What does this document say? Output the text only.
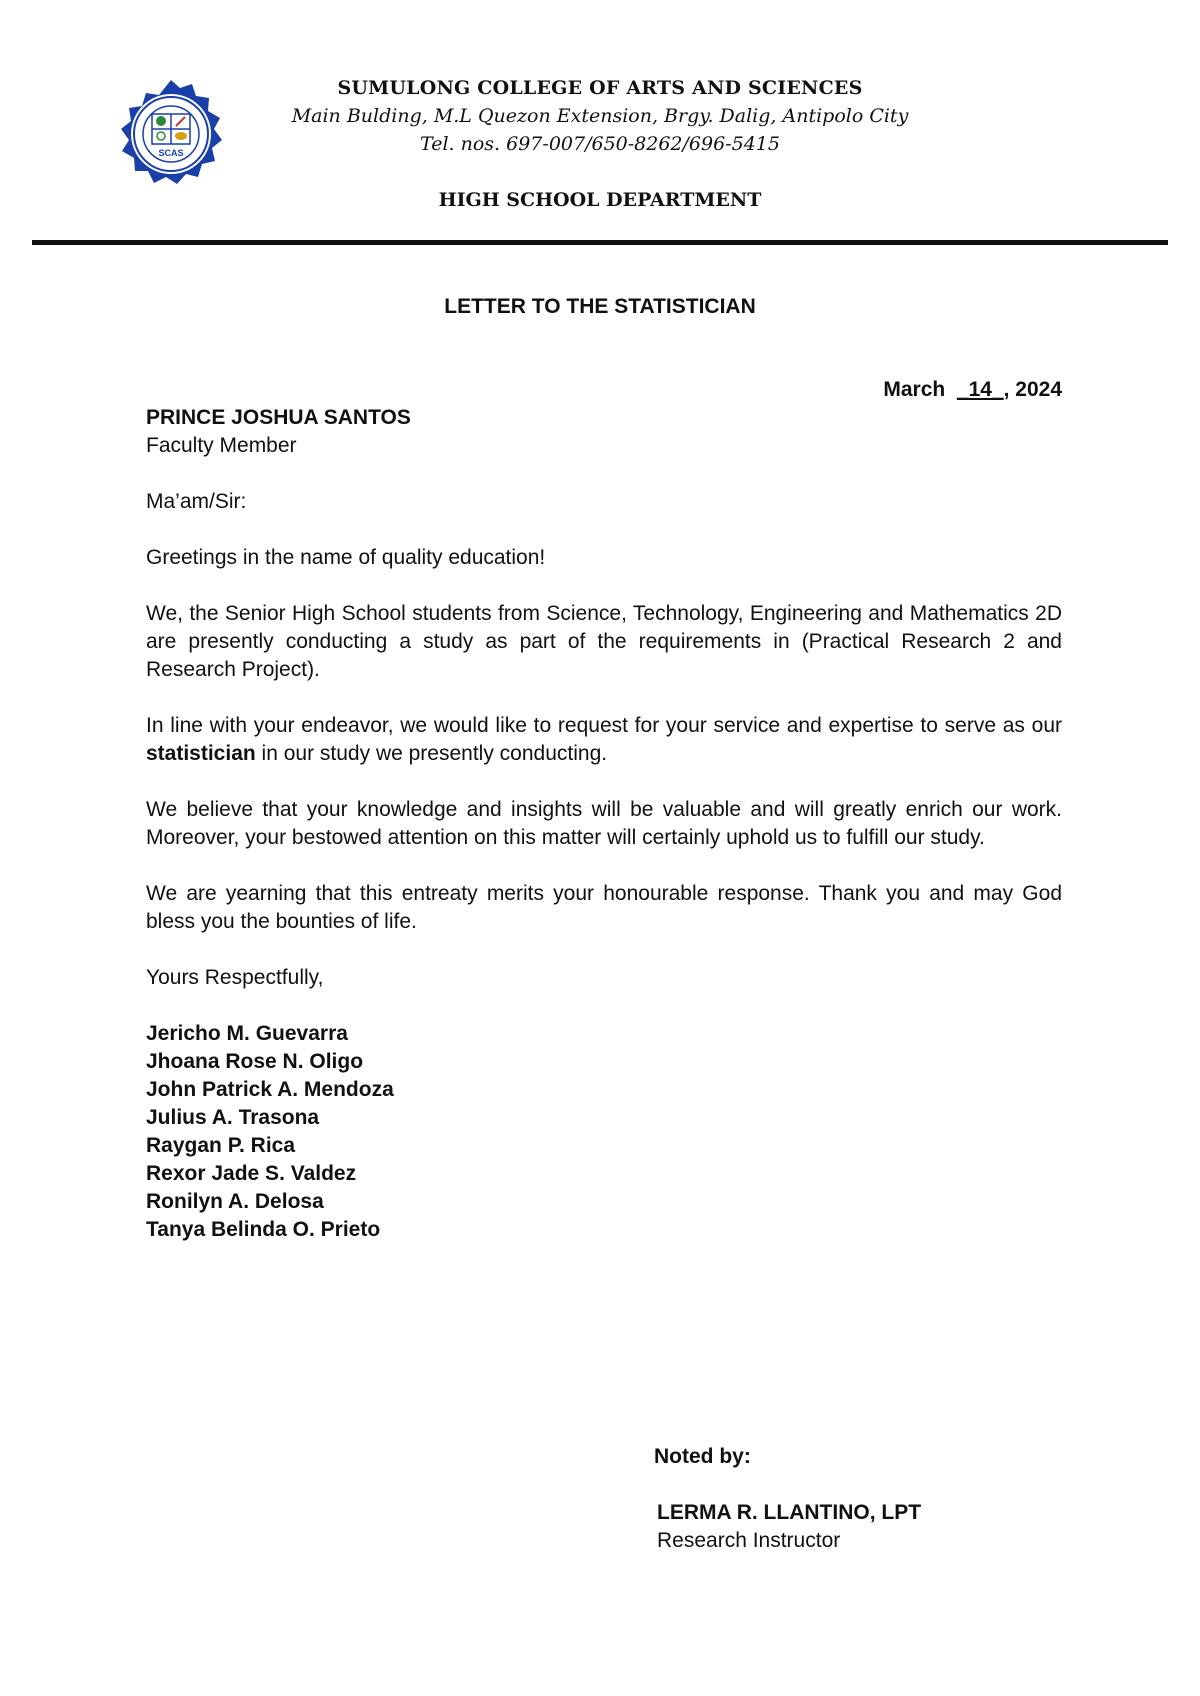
SCAS
SUMULONG COLLEGE OF ARTS AND SCIENCES
Main Bulding, M.L Quezon Extension, Brgy. Dalig, Antipolo City
Tel. nos. 697-007/650-8262/696-5415
HIGH SCHOOL DEPARTMENT
LETTER TO THE STATISTICIAN
March _14_, 2024

PRINCE JOSHUA SANTOS

Faculty Member

Ma’am/Sir:

Greetings in the name of quality education!

We, the Senior High School students from Science, Technology, Engineering and Mathematics 2D are presently conducting a study as part of the requirements in (Practical Research 2 and Research Project).

In line with your endeavor, we would like to request for your service and expertise to serve as our statistician in our study we presently conducting.

We believe that your knowledge and insights will be valuable and will greatly enrich our work. Moreover, your bestowed attention on this matter will certainly uphold us to fulfill our study.

We are yearning that this entreaty merits your honourable response. Thank you and may God bless you the bounties of life.

Yours Respectfully,

Jericho M. Guevarra

Jhoana Rose N. Oligo

John Patrick A. Mendoza

Julius A. Trasona

Raygan P. Rica

Rexor Jade S. Valdez

Ronilyn A. Delosa

Tanya Belinda O. Prieto

Noted by:
LERMA R. LLANTINO, LPT
Research Instructor
